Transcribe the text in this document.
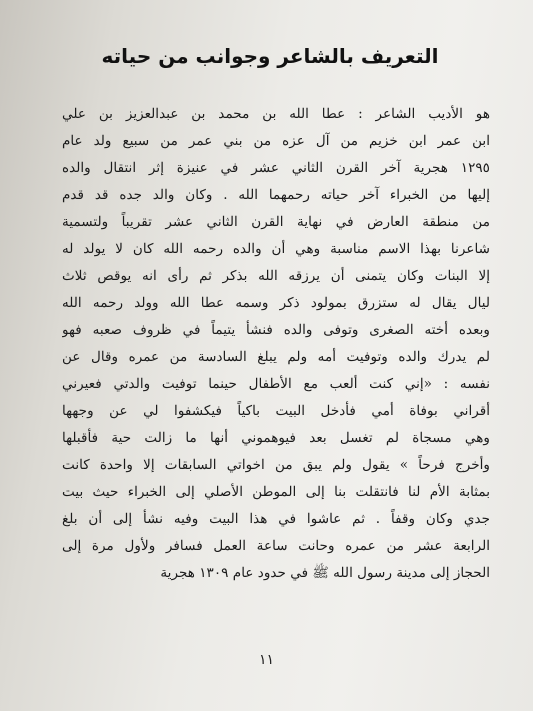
التعريف بالشاعر وجوانب من حياته
هو الأديب الشاعر : عطا الله بن محمد بن عبدالعزيز بن علي
ابن عمر ابن خزيم من آل عزه من بني عمر من سبيع ولد عام
١٢٩٥ هجرية آخر القرن الثاني عشر في عنيزة إثر انتقال والده
إليها من الخبراء آخر حياته رحمهما الله . وكان والد جده قد قدم
من منطقة العارض في نهاية القرن الثاني عشر تقريباً ولتسمية
شاعرنا بهذا الاسم مناسبة وهي أن والده رحمه الله كان لا يولد له
إلا البنات وكان يتمنى أن يرزقه الله بذكر ثم رأى انه يوقص ثلاث
ليال يقال له ستزرق بمولود ذكر وسمه عطا الله وولد رحمه الله
وبعده أخته الصغرى وتوفى والده فنشأ يتيماً في ظروف صعبه فهو
لم يدرك والده وتوفيت أمه ولم يبلغ السادسة من عمره وقال عن
نفسه : «إني كنت ألعب مع الأطفال حينما توفيت والدتي فعيرني
أقراني بوفاة أمي فأدخل البيت باكياً فيكشفوا لي عن وجهها
وهي مسجاة لم تغسل بعد فيوهموني أنها ما زالت حية فأقبلها
وأخرج فرحاً » يقول ولم يبق من اخواتي السابقات إلا واحدة كانت
بمثابة الأم لنا فانتقلت بنا إلى الموطن الأصلي إلى الخبراء حيث بيت
جدي وكان وقفاً . ثم عاشوا في هذا البيت وفيه نشأ إلى أن بلغ
الرابعة عشر من عمره وحانت ساعة العمل فسافر ولأول مرة إلى
الحجاز إلى مدينة رسول الله ﷺ في حدود عام ١٣٠٩ هجرية
١١
